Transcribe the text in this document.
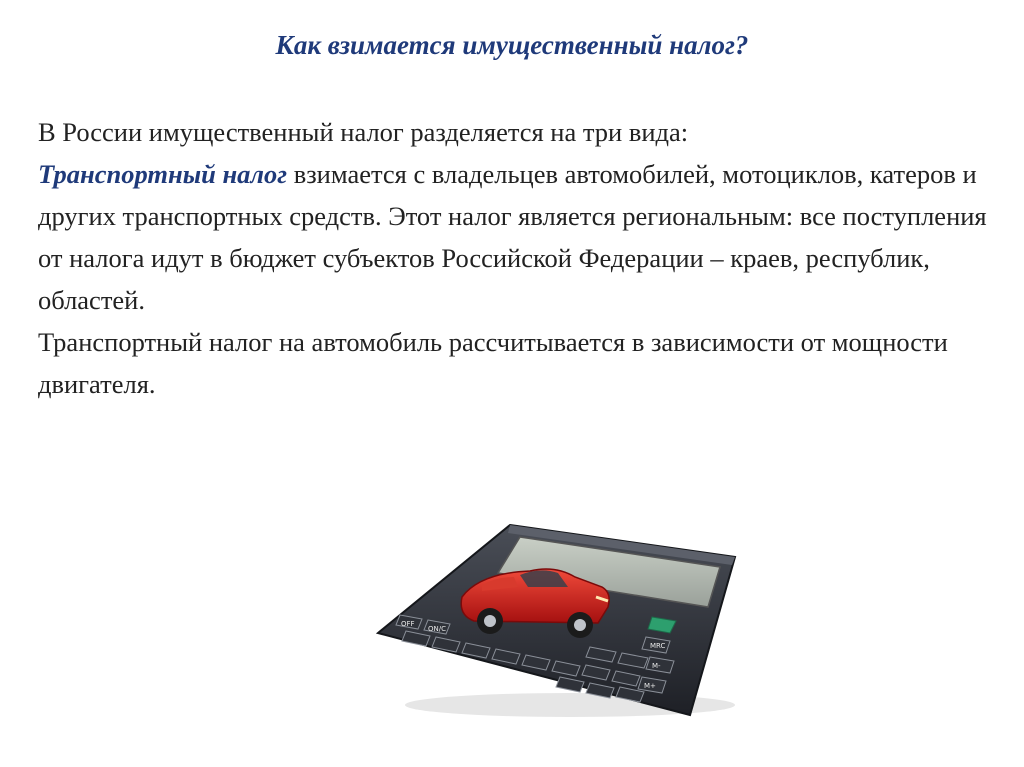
Как взимается имущественный налог?

В России имущественный налог разделяется на три вида:
Транспортный налог взимается с владельцев автомобилей, мотоциклов, катеров и других транспортных средств. Этот налог является региональным: все поступления от налога идут в бюджет субъектов Российской Федерации – краев, республик, областей.

Транспортный налог на автомобиль рассчитывается в зависимости от мощности двигателя.

OFF
ON/C
MRC
M-
M+
